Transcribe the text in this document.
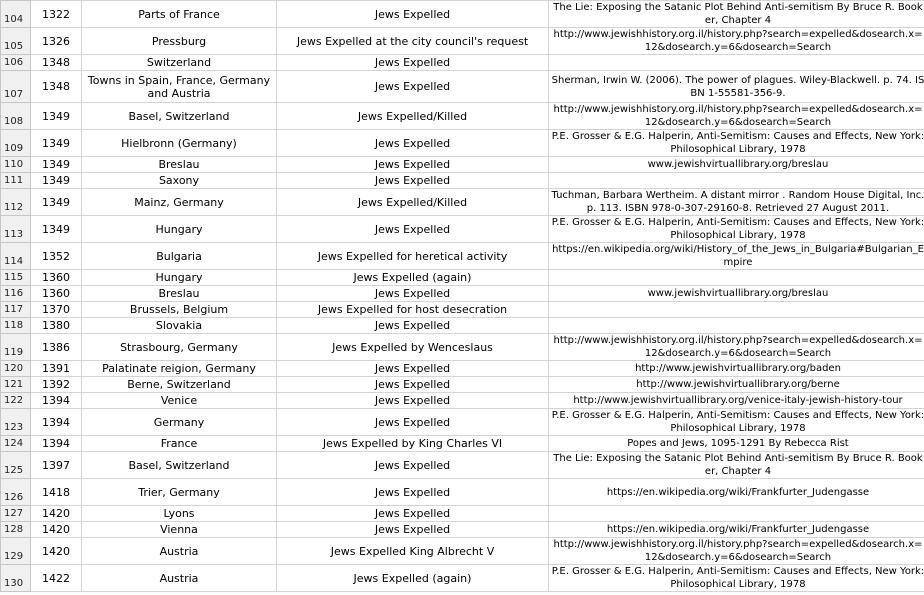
104	1322	Parts of France	Jews Expelled	The Lie: Exposing the Satanic Plot Behind Anti-semitism By Bruce R. Booker, Chapter 4	
105	1326	Pressburg	Jews Expelled at the city council's request	http://www.jewishhistory.org.il/history.php?search=expelled&dosearch.x=12&dosearch.y=6&dosearch=Search	
106	1348	Switzerland	Jews Expelled		
107	1348	Towns in Spain, France, Germany and Austria	Jews Expelled	Sherman, Irwin W. (2006). The power of plagues. Wiley-Blackwell. p. 74. ISBN 1-55581-356-9.	
108	1349	Basel, Switzerland	Jews Expelled/Killed	http://www.jewishhistory.org.il/history.php?search=expelled&dosearch.x=12&dosearch.y=6&dosearch=Search	
109	1349	Hielbronn (Germany)	Jews Expelled	P.E. Grosser & E.G. Halperin, Anti-Semitism: Causes and Effects, New York: Philosophical Library, 1978	
110	1349	Breslau	Jews Expelled	www.jewishvirtuallibrary.org/breslau	
111	1349	Saxony	Jews Expelled		
112	1349	Mainz, Germany	Jews Expelled/Killed	Tuchman, Barbara Wertheim. A distant mirror . Random House Digital, Inc. p. 113. ISBN 978-0-307-29160-8. Retrieved 27 August 2011.	
113	1349	Hungary	Jews Expelled	P.E. Grosser & E.G. Halperin, Anti-Semitism: Causes and Effects, New York: Philosophical Library, 1978	
114	1352	Bulgaria	Jews Expelled for heretical activity	https://en.wikipedia.org/wiki/History_of_the_Jews_in_Bulgaria#Bulgarian_Empire	
115	1360	Hungary	Jews Expelled (again)		
116	1360	Breslau	Jews Expelled	www.jewishvirtuallibrary.org/breslau	
117	1370	Brussels, Belgium	Jews Expelled for host desecration		
118	1380	Slovakia	Jews Expelled		
119	1386	Strasbourg, Germany	Jews Expelled by Wenceslaus	http://www.jewishhistory.org.il/history.php?search=expelled&dosearch.x=12&dosearch.y=6&dosearch=Search	
120	1391	Palatinate reigion, Germany	Jews Expelled	http://www.jewishvirtuallibrary.org/baden	
121	1392	Berne, Switzerland	Jews Expelled	http://www.jewishvirtuallibrary.org/berne	
122	1394	Venice	Jews Expelled	http://www.jewishvirtuallibrary.org/venice-italy-jewish-history-tour	
123	1394	Germany	Jews Expelled	P.E. Grosser & E.G. Halperin, Anti-Semitism: Causes and Effects, New York: Philosophical Library, 1978	
124	1394	France	Jews Expelled by King Charles VI	Popes and Jews, 1095-1291 By Rebecca Rist	
125	1397	Basel, Switzerland	Jews Expelled	The Lie: Exposing the Satanic Plot Behind Anti-semitism By Bruce R. Booker, Chapter 4	
126	1418	Trier, Germany	Jews Expelled	https://en.wikipedia.org/wiki/Frankfurter_Judengasse	
127	1420	Lyons	Jews Expelled		
128	1420	Vienna	Jews Expelled	https://en.wikipedia.org/wiki/Frankfurter_Judengasse	
129	1420	Austria	Jews Expelled King Albrecht V	http://www.jewishhistory.org.il/history.php?search=expelled&dosearch.x=12&dosearch.y=6&dosearch=Search	
130	1422	Austria	Jews Expelled (again)	P.E. Grosser & E.G. Halperin, Anti-Semitism: Causes and Effects, New York: Philosophical Library, 1978	
